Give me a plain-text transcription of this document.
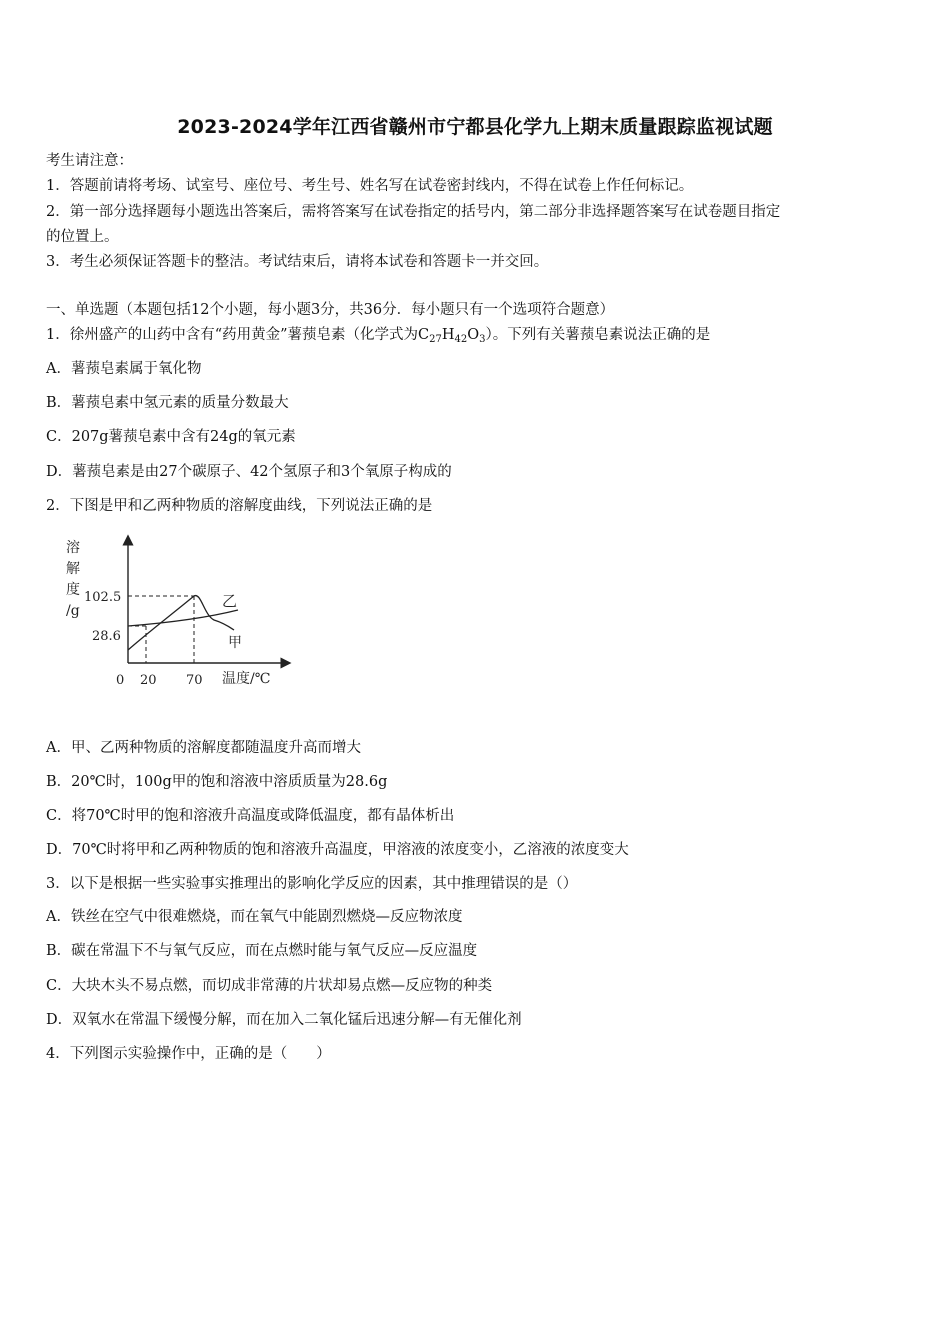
2023-2024学年江西省赣州市宁都县化学九上期末质量跟踪监视试题
考生请注意：
1．答题前请将考场、试室号、座位号、考生号、姓名写在试卷密封线内，不得在试卷上作任何标记。
2．第一部分选择题每小题选出答案后，需将答案写在试卷指定的括号内，第二部分非选择题答案写在试卷题目指定
的位置上。
3．考生必须保证答题卡的整洁。考试结束后，请将本试卷和答题卡一并交回。
一、单选题（本题包括12个小题，每小题3分，共36分．每小题只有一个选项符合题意）
1．徐州盛产的山药中含有“药用黄金”薯蓣皂素（化学式为$C_{27}H_{42}O_3$）。下列有关薯蓣皂素说法正确的是
A．薯蓣皂素属于氧化物
B．薯蓣皂素中氢元素的质量分数最大
C．207g薯蓣皂素中含有24g的氧元素
D．薯蓣皂素是由27个碳原子、42个氢原子和3个氧原子构成的
2．下图是甲和乙两种物质的溶解度曲线，下列说法正确的是
溶
解
度
/g
102.5
28.6
0 20 70
乙
甲
温度/℃
A．甲、乙两种物质的溶解度都随温度升高而增大
B．20℃时，100g甲的饱和溶液中溶质质量为28.6g
C．将70℃时甲的饱和溶液升高温度或降低温度，都有晶体析出
D．70℃时将甲和乙两种物质的饱和溶液升高温度，甲溶液的浓度变小，乙溶液的浓度变大
3．以下是根据一些实验事实推理出的影响化学反应的因素，其中推理错误的是（）
A．铁丝在空气中很难燃烧，而在氧气中能剧烈燃烧—反应物浓度
B．碳在常温下不与氧气反应，而在点燃时能与氧气反应—反应温度
C．大块木头不易点燃，而切成非常薄的片状却易点燃—反应物的种类
D．双氧水在常温下缓慢分解，而在加入二氧化锰后迅速分解—有无催化剂
4．下列图示实验操作中，正确的是（　　）
